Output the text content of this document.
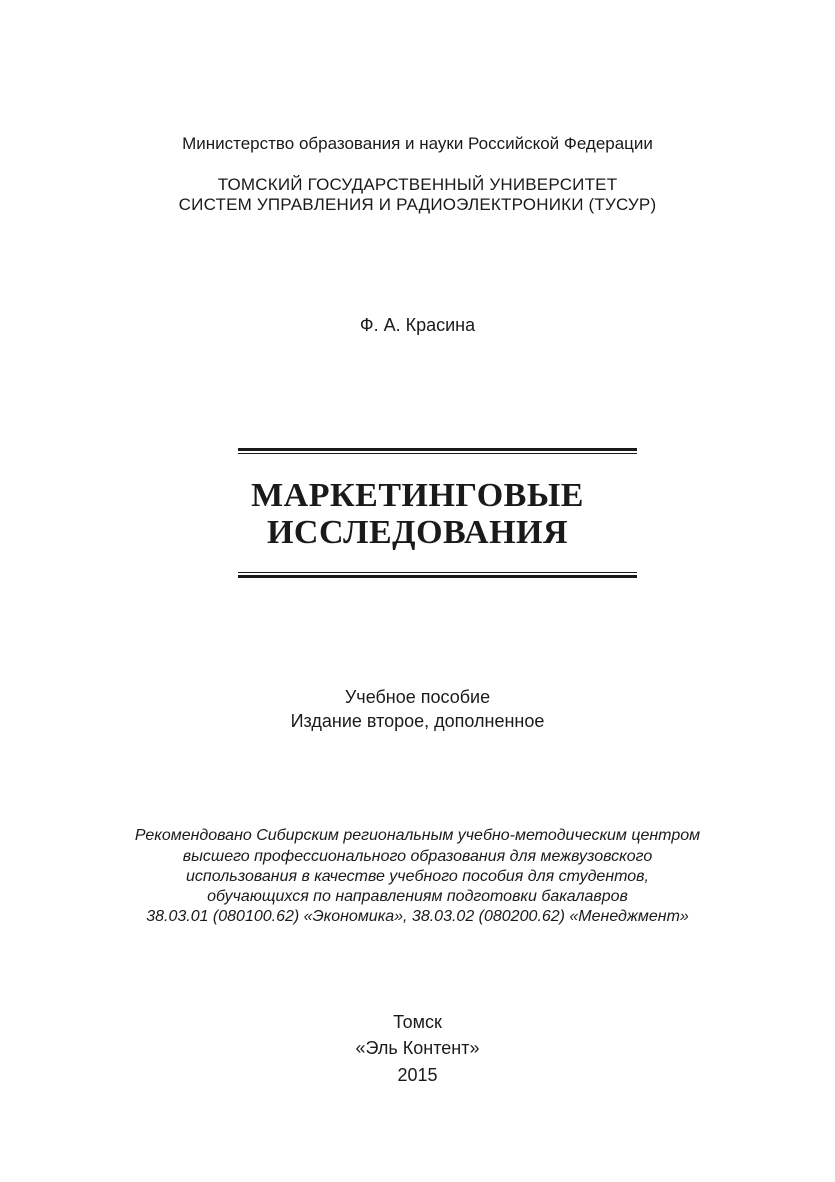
Министерство образования и науки Российской Федерации
ТОМСКИЙ ГОСУДАРСТВЕННЫЙ УНИВЕРСИТЕТ
СИСТЕМ УПРАВЛЕНИЯ И РАДИОЭЛЕКТРОНИКИ (ТУСУР)
Ф. А. Красина
МАРКЕТИНГОВЫЕ
ИССЛЕДОВАНИЯ
Учебное пособие
Издание второе, дополненное
Рекомендовано Сибирским региональным учебно-методическим центром
высшего профессионального образования для межвузовского
использования в качестве учебного пособия для студентов,
обучающихся по направлениям подготовки бакалавров
38.03.01 (080100.62) «Экономика», 38.03.02 (080200.62) «Менеджмент»
Томск
«Эль Контент»
2015
